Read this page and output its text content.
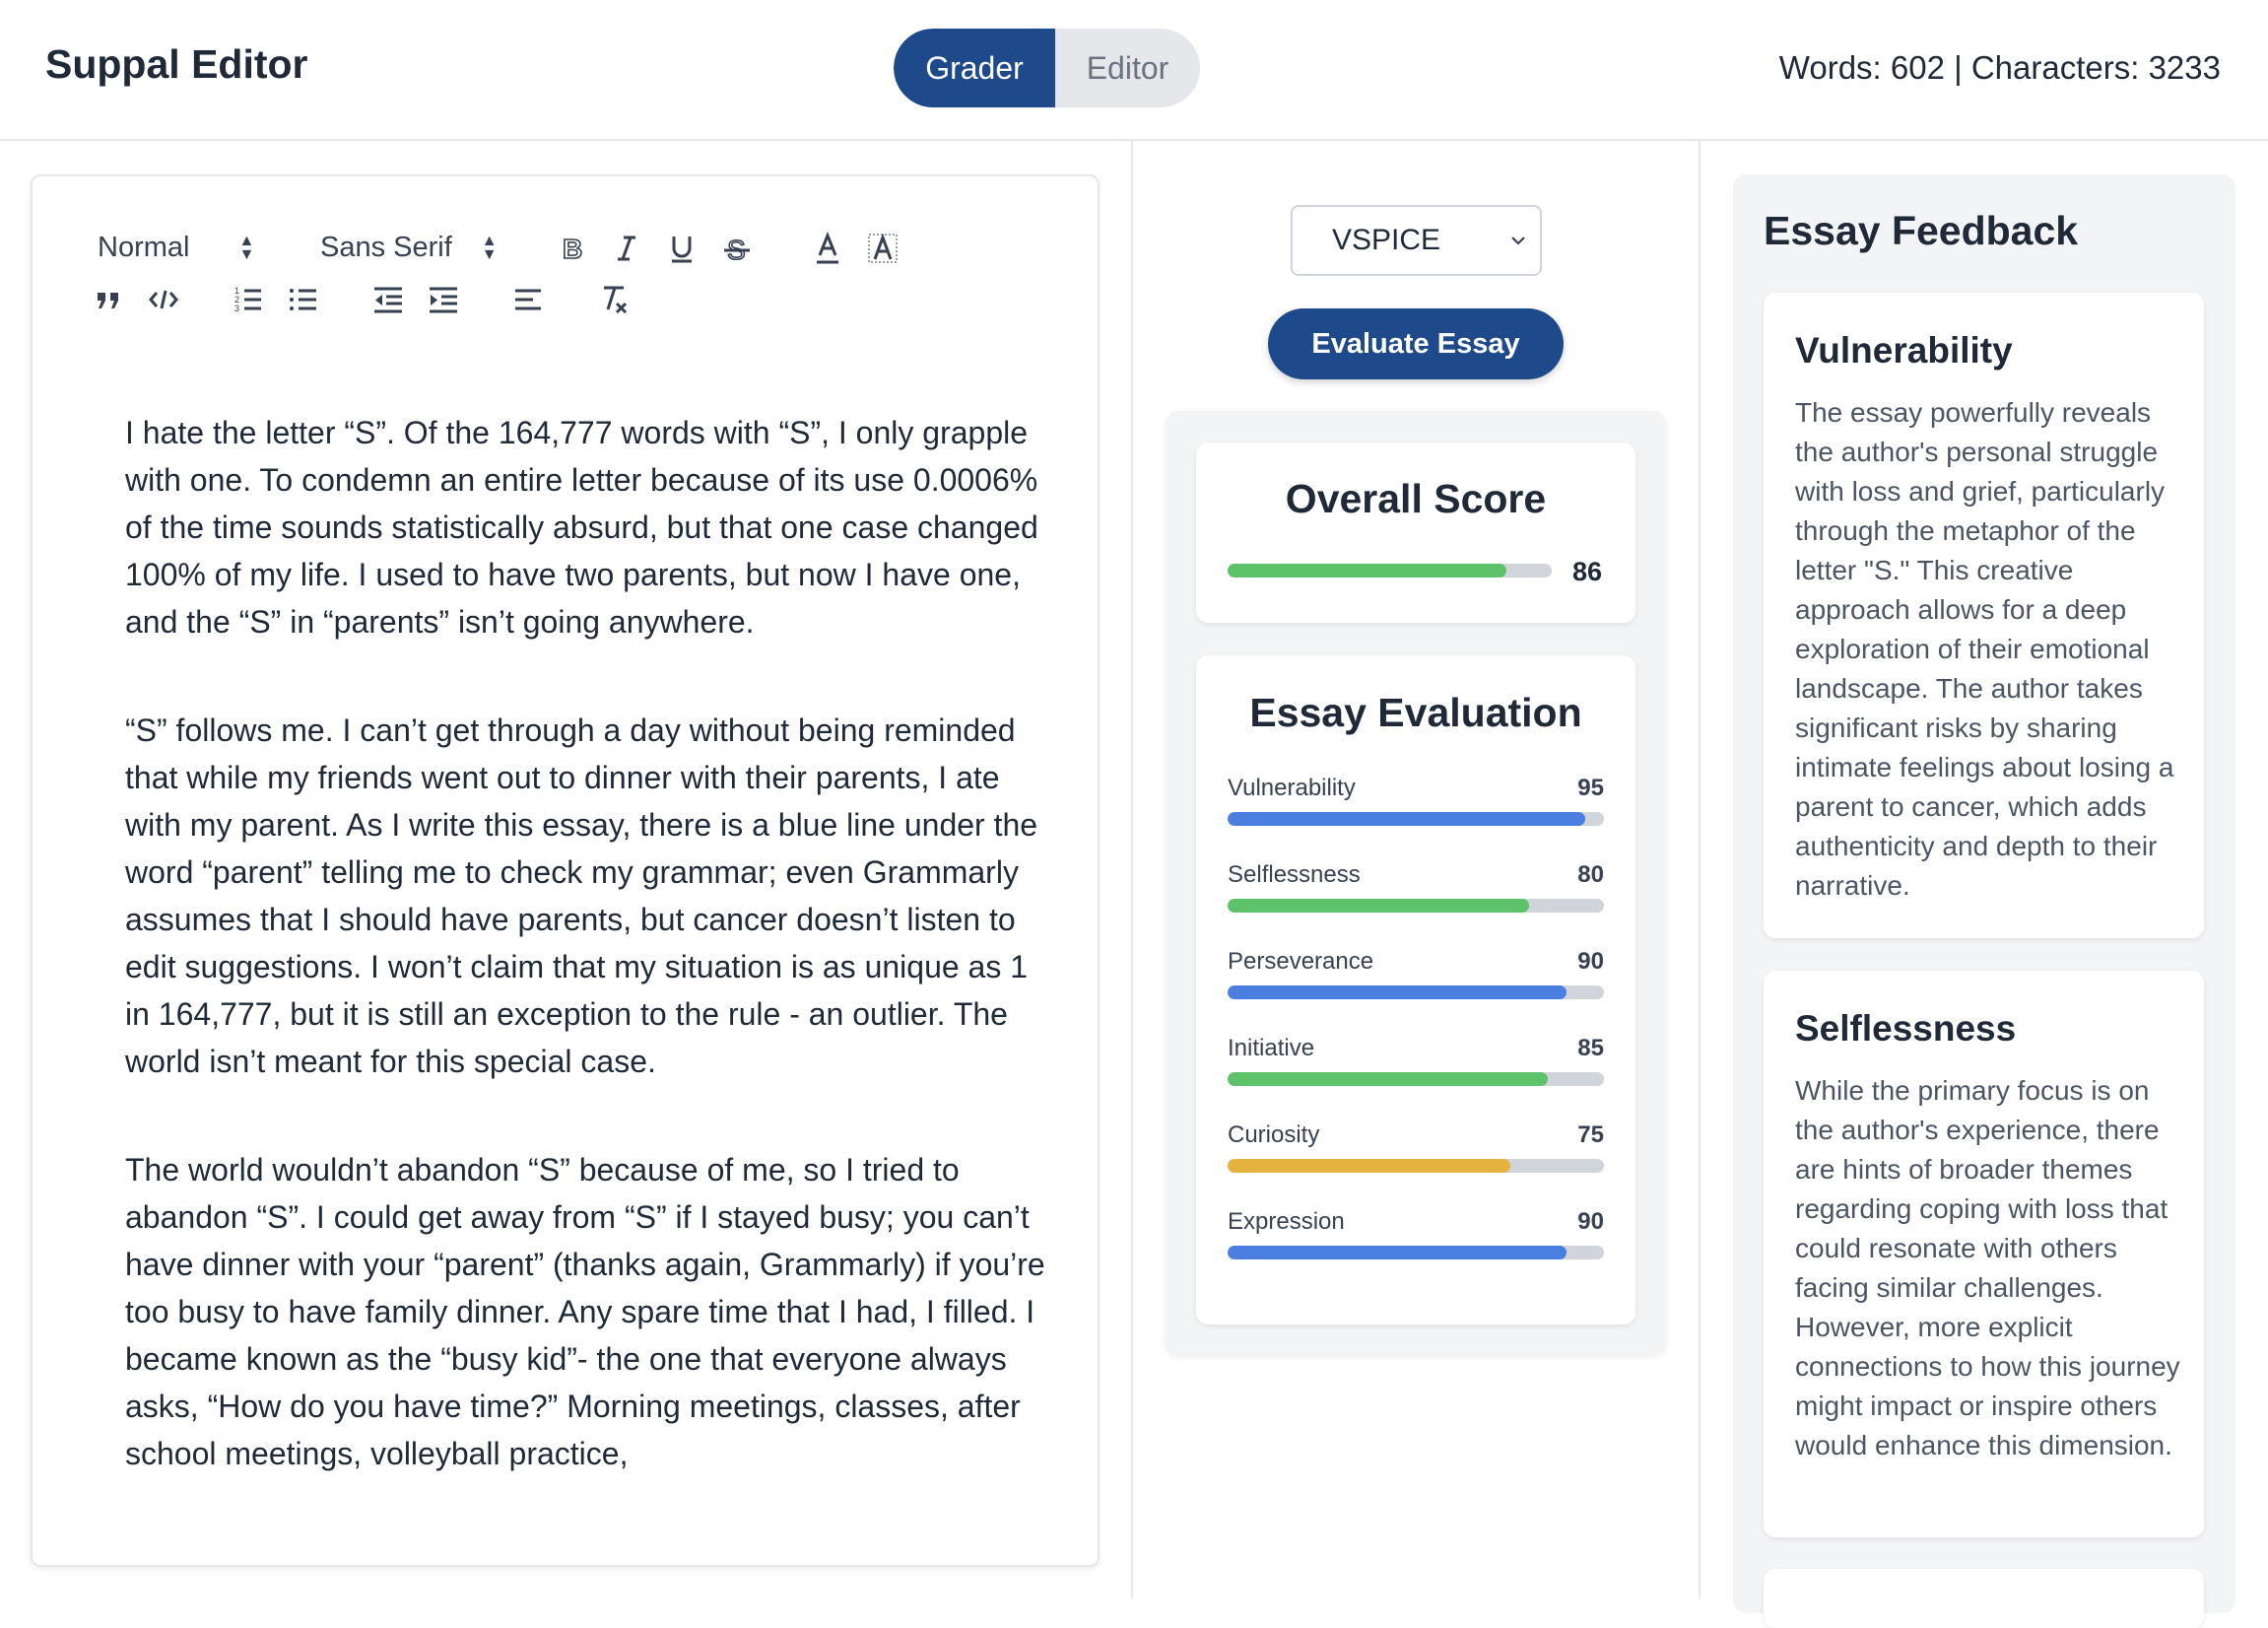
Suppal Editor	Grader	Editor	Words: 602 | Characters: 3233
Normal	▲
▼ Sans Serif ▲
▼ B	S
1
2
3

I hate the letter “S”. Of the 164,777 words with “S”, I only grapple with one. To condemn an entire letter because of its use 0.0006% of the time sounds statistically absurd, but that one case changed 100% of my life. I used to have two parents, but now I have one, and the “S” in “parents” isn’t going anywhere.

“S” follows me. I can’t get through a day without being reminded that while my friends went out to dinner with their parents, I ate with my parent. As I write this essay, there is a blue line under the word “parent” telling me to check my grammar; even Grammarly assumes that I should have parents, but cancer doesn’t listen to edit suggestions. I won’t claim that my situation is as unique as 1 in 164,777, but it is still an exception to the rule - an outlier. The world isn’t meant for this special case.

The world wouldn’t abandon “S” because of me, so I tried to abandon “S”. I could get away from “S” if I stayed busy; you can’t have dinner with your “parent” (thanks again, Grammarly) if you’re too busy to have family dinner. Any spare time that I had, I filled. I became known as the “busy kid”- the one that everyone always asks, “How do you have time?” Morning meetings, classes, after school meetings, volleyball practice,

VSPICE
Evaluate Essay
Overall Score
86
Essay Evaluation
Vulnerability	95
Selflessness	80
Perseverance	90
Initiative	85
Curiosity	75
Expression	90
Essay Feedback
Vulnerability
The essay powerfully reveals the author's personal struggle with loss and grief, particularly through the metaphor of the letter "S." This creative approach allows for a deep exploration of their emotional landscape. The author takes significant risks by sharing intimate feelings about losing a parent to cancer, which adds authenticity and depth to their narrative.
Selflessness
While the primary focus is on the author's experience, there are hints of broader themes regarding coping with loss that could resonate with others facing similar challenges. However, more explicit connections to how this journey might impact or inspire others would enhance this dimension.
